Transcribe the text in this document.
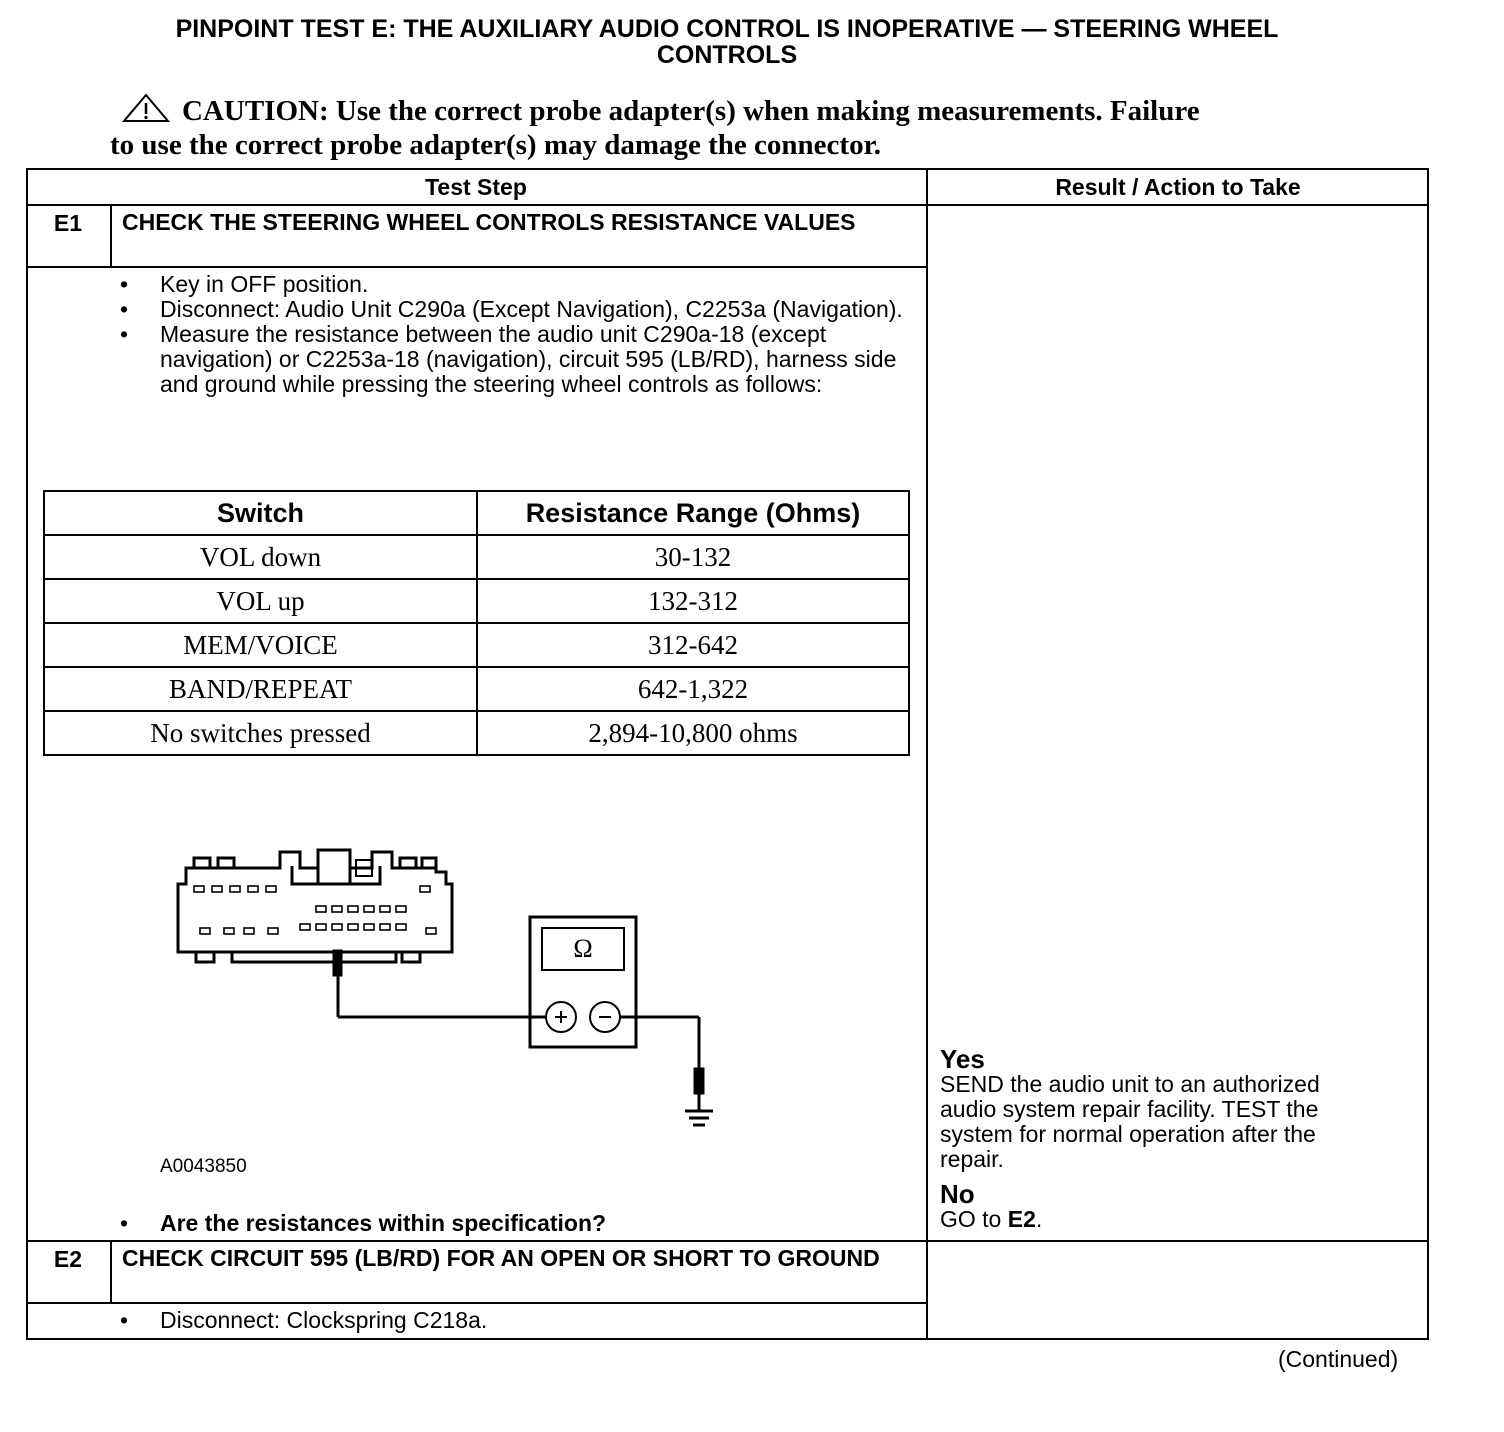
PINPOINT TEST E: THE AUXILIARY AUDIO CONTROL IS INOPERATIVE — STEERING WHEEL
CONTROLS
CAUTION: Use the correct probe adapter(s) when making measurements. Failure
to use the correct probe adapter(s) may damage the connector.
Test Step	Result / Action to Take
E1	CHECK THE STEERING WHEEL CONTROLS RESISTANCE VALUES
• Key in OFF position.
• Disconnect: Audio Unit C290a (Except Navigation), C2253a (Navigation).
• Measure the resistance between the audio unit C290a-18 (except navigation) or C2253a-18 (navigation), circuit 595 (LB/RD), harness side and ground while pressing the steering wheel controls as follows:
Switch	Resistance Range (Ohms)
VOL down	30-132
VOL up	132-312
MEM/VOICE	312-642
BAND/REPEAT	642-1,322
No switches pressed	2,894-10,800 ohms
Ω
A0043850
• Are the resistances within specification?
Yes
SEND the audio unit to an authorized audio system repair facility. TEST the system for normal operation after the repair.
No
GO to E2.
E2	CHECK CIRCUIT 595 (LB/RD) FOR AN OPEN OR SHORT TO GROUND
• Disconnect: Clockspring C218a.
(Continued)
